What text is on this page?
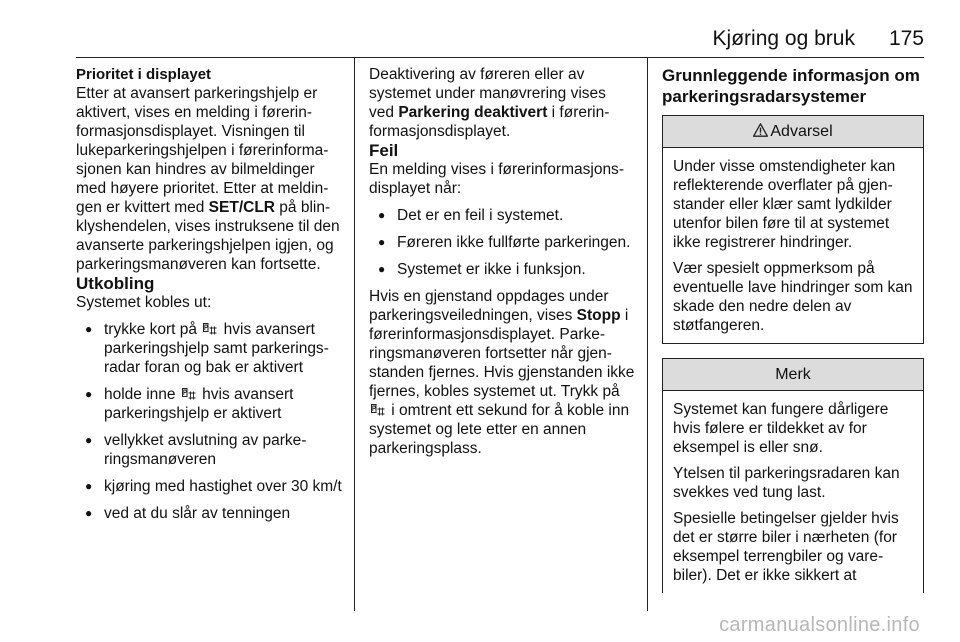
Kjøring og bruk 175

Prioritet i displayet

Etter at avansert parkeringshjelp er aktivert, vises en melding i førerinformasjonsdisplayet. Visningen til lukeparkeringshjelpen i førerinformasjonen kan hindres av bilmeldinger med høyere prioritet. Etter at meldingen er kvittert med SET/CLR på blinklyshendelen, vises instruksene til den avanserte parkeringshjelpen igjen, og parkeringsmanøveren kan fortsette.

Utkobling

Systemet kobles ut:

● trykke kort på  hvis avansert parkeringshjelp samt parkeringsradar foran og bak er aktivert
● holde inne  hvis avansert parkeringshjelp er aktivert
● vellykket avslutning av parkeringsmanøveren
● kjøring med hastighet over 30 km/t
● ved at du slår av tenningen

Deaktivering av føreren eller av systemet under manøvrering vises ved Parkering deaktivert i førerinformasjonsdisplayet.

Feil

En melding vises i førerinformasjonsdisplayet når:

● Det er en feil i systemet.
● Føreren ikke fullførte parkeringen.
● Systemet er ikke i funksjon.

Hvis en gjenstand oppdages under parkeringsveiledningen, vises Stopp i førerinformasjonsdisplayet. Parkeringsmanøveren fortsetter når gjenstanden fjernes. Hvis gjenstanden ikke fjernes, kobles systemet ut. Trykk på  i omtrent ett sekund for å koble inn systemet og lete etter en annen parkeringsplass.

Grunnleggende informasjon om parkeringsradarsystemer

Advarsel

Under visse omstendigheter kan reflekterende overflater på gjenstander eller klær samt lydkilder utenfor bilen føre til at systemet ikke registrerer hindringer.

Vær spesielt oppmerksom på eventuelle lave hindringer som kan skade den nedre delen av støtfangeren.

Merk

Systemet kan fungere dårligere hvis følere er tildekket av for eksempel is eller snø.

Ytelsen til parkeringsradaren kan svekkes ved tung last.

Spesielle betingelser gjelder hvis det er større biler i nærheten (for eksempel terrengbiler og varebiler). Det er ikke sikkert at

carmanualsonline.info
